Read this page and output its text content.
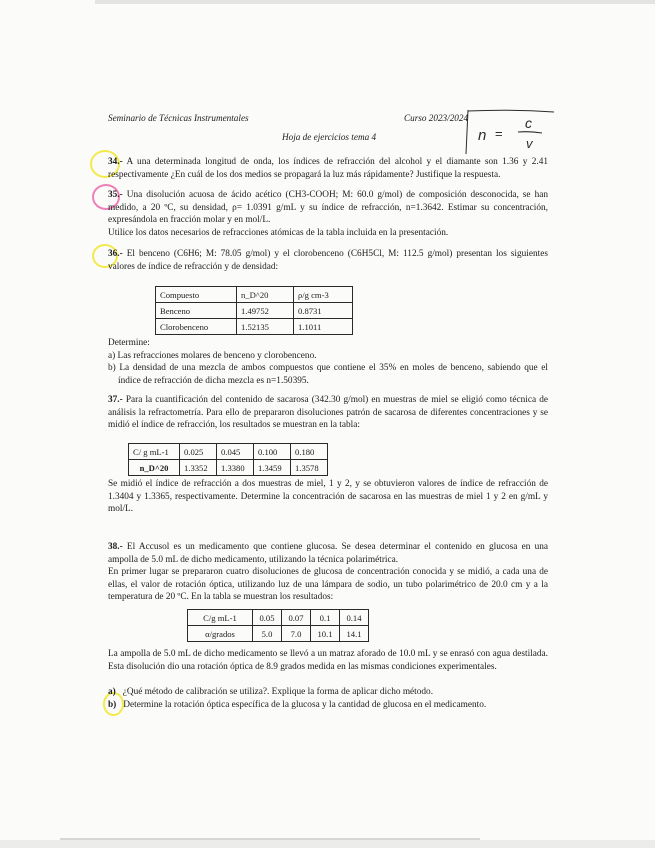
Seminario de Técnicas Instrumentales	Curso 2023/2024
Hoja de ejercicios tema 4	n =
c
v
34.- A una determinada longitud de onda, los índices de refracción del alcohol y el diamante son 1.36 y 2.41 respectivamente ¿En cuál de los dos medios se propagará la luz más rápidamente? Justifique la respuesta.

35.- Una disolución acuosa de ácido acético (CH3-COOH; M: 60.0 g/mol) de composición desconocida, se han medido, a 20 ºC, su densidad, ρ= 1.0391 g/mL y su índice de refracción, n=1.3642. Estimar su concentración, expresándola en fracción molar y en mol/L.

Utilice los datos necesarios de refracciones atómicas de la tabla incluida en la presentación.

36.- El benceno (C6H6; M: 78.05 g/mol) y el clorobenceno (C6H5Cl, M: 112.5 g/mol) presentan los siguientes valores de índice de refracción y de densidad:
Compuesto	n_D^20	ρ/g cm-3
Benceno	1.49752	0.8731
Clorobenceno	1.52135	1.1011

Determine:

a) Las refracciones molares de benceno y clorobenceno.

b) La densidad de una mezcla de ambos compuestos que contiene el 35% en moles de benceno, sabiendo que el índice de refracción de dicha mezcla es n=1.50395.

37.- Para la cuantificación del contenido de sacarosa (342.30 g/mol) en muestras de miel se eligió como técnica de análisis la refractometría. Para ello de prepararon disoluciones patrón de sacarosa de diferentes concentraciones y se midió el índice de refracción, los resultados se muestran en la tabla:
C/ g mL-1	0.025	0.045	0.100	0.180
n_D^20	1.3352	1.3380	1.3459	1.3578
Se midió el índice de refracción a dos muestras de miel, 1 y 2, y se obtuvieron valores de índice de refracción de 1.3404 y 1.3365, respectivamente. Determine la concentración de sacarosa en las muestras de miel 1 y 2 en g/mL y mol/L.

38.- El Accusol es un medicamento que contiene glucosa. Se desea determinar el contenido en glucosa en una ampolla de 5.0 mL de dicho medicamento, utilizando la técnica polarimétrica.

En primer lugar se prepararon cuatro disoluciones de glucosa de concentración conocida y se midió, a cada una de ellas, el valor de rotación óptica, utilizando luz de una lámpara de sodio, un tubo polarimétrico de 20.0 cm y a la temperatura de 20 ºC. En la tabla se muestran los resultados:

C/g mL-1	0.05	0.07	0.1	0.14
α/grados	5.0	7.0	10.1	14.1
La ampolla de 5.0 mL de dicho medicamento se llevó a un matraz aforado de 10.0 mL y se enrasó con agua destilada. Esta disolución dio una rotación óptica de 8.9 grados medida en las mismas condiciones experimentales.
a) ¿Qué método de calibración se utiliza?. Explique la forma de aplicar dicho método.
b) Determine la rotación óptica específica de la glucosa y la cantidad de glucosa en el medicamento.
